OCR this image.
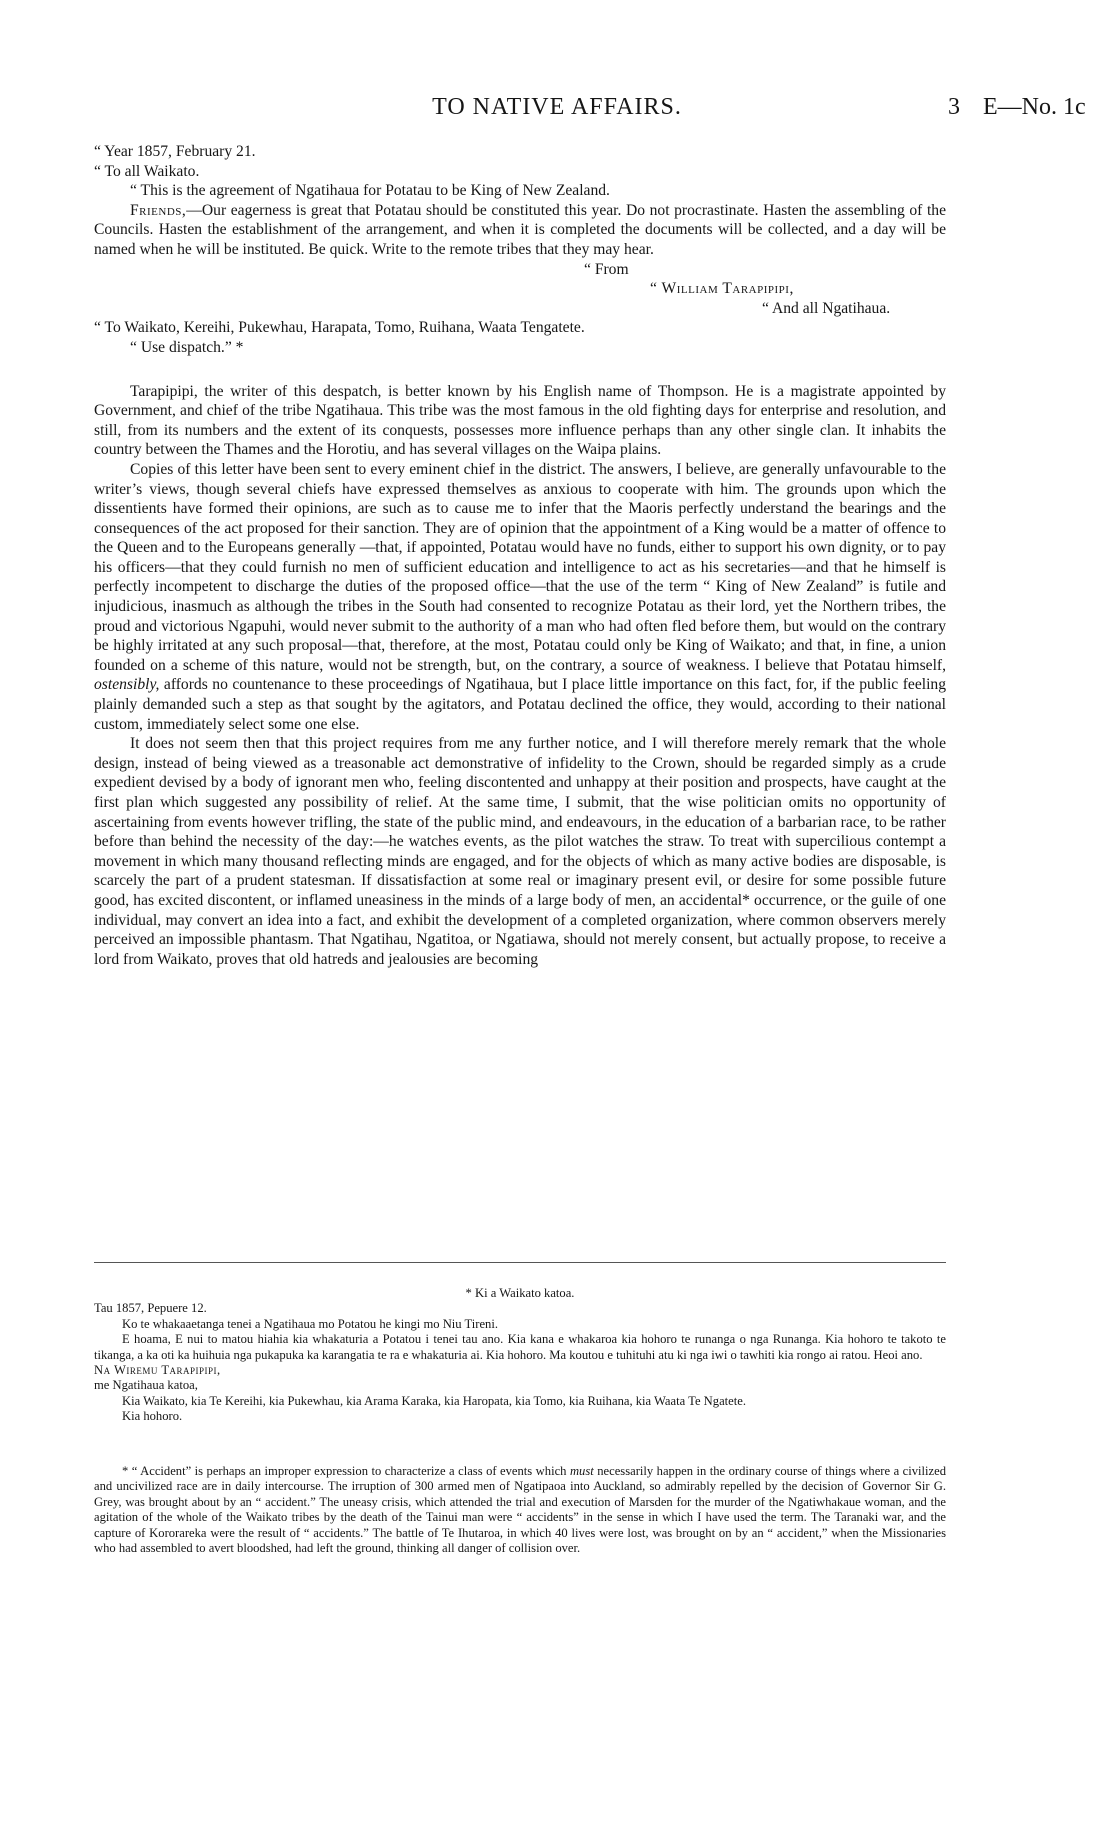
TO NATIVE AFFAIRS.	3 E—No. 1c

“ Year 1857, February 21.

“ To all Waikato.

“ This is the agreement of Ngatihaua for Potatau to be King of New Zealand.

Friends,—Our eagerness is great that Potatau should be constituted this year. Do not procrastinate. Hasten the assembling of the Councils. Hasten the establishment of the arrangement, and when it is completed the documents will be collected, and a day will be named when he will be instituted. Be quick. Write to the remote tribes that they may hear.

“ From

“ William Tarapipipi,

“ And all Ngatihaua.

“ To Waikato, Kereihi, Pukewhau, Harapata, Tomo, Ruihana, Waata Tengatete.

“ Use dispatch.” *

Tarapipipi, the writer of this despatch, is better known by his English name of Thompson. He is a magistrate appointed by Government, and chief of the tribe Ngatihaua. This tribe was the most famous in the old fighting days for enterprise and resolution, and still, from its numbers and the extent of its conquests, possesses more influence perhaps than any other single clan. It inhabits the country between the Thames and the Horotiu, and has several villages on the Waipa plains.

Copies of this letter have been sent to every eminent chief in the district. The answers, I believe, are generally unfavourable to the writer’s views, though several chiefs have expressed themselves as anxious to cooperate with him. The grounds upon which the dissentients have formed their opinions, are such as to cause me to infer that the Maoris perfectly understand the bearings and the consequences of the act proposed for their sanction. They are of opinion that the appointment of a King would be a matter of offence to the Queen and to the Europeans generally —that, if appointed, Potatau would have no funds, either to support his own dignity, or to pay his officers—that they could furnish no men of sufficient education and intelligence to act as his secretaries—and that he himself is perfectly incompetent to discharge the duties of the proposed office—that the use of the term “ King of New Zealand” is futile and injudicious, inasmuch as although the tribes in the South had consented to recognize Potatau as their lord, yet the Northern tribes, the proud and victorious Ngapuhi, would never submit to the authority of a man who had often fled before them, but would on the contrary be highly irritated at any such proposal—that, therefore, at the most, Potatau could only be King of Waikato; and that, in fine, a union founded on a scheme of this nature, would not be strength, but, on the contrary, a source of weakness. I believe that Potatau himself, ostensibly, affords no countenance to these proceedings of Ngatihaua, but I place little importance on this fact, for, if the public feeling plainly demanded such a step as that sought by the agitators, and Potatau declined the office, they would, according to their national custom, immediately select some one else.

It does not seem then that this project requires from me any further notice, and I will therefore merely remark that the whole design, instead of being viewed as a treasonable act demonstrative of infidelity to the Crown, should be regarded simply as a crude expedient devised by a body of ignorant men who, feeling discontented and unhappy at their position and prospects, have caught at the first plan which suggested any possibility of relief. At the same time, I submit, that the wise politician omits no opportunity of ascertaining from events however trifling, the state of the public mind, and endeavours, in the education of a barbarian race, to be rather before than behind the necessity of the day:—he watches events, as the pilot watches the straw. To treat with supercilious contempt a movement in which many thousand reflecting minds are engaged, and for the objects of which as many active bodies are disposable, is scarcely the part of a prudent statesman. If dissatisfaction at some real or imaginary present evil, or desire for some possible future good, has excited discontent, or inflamed uneasiness in the minds of a large body of men, an accidental* occurrence, or the guile of one individual, may convert an idea into a fact, and exhibit the development of a completed organization, where common observers merely perceived an impossible phantasm. That Ngatihau, Ngatitoa, or Ngatiawa, should not merely consent, but actually propose, to receive a lord from Waikato, proves that old hatreds and jealousies are becoming

* Ki a Waikato katoa.

Tau 1857, Pepuere 12.

Ko te whakaaetanga tenei a Ngatihaua mo Potatou he kingi mo Niu Tireni.

E hoama, E nui to matou hiahia kia whakaturia a Potatou i tenei tau ano. Kia kana e whakaroa kia hohoro te runanga o nga Runanga. Kia hohoro te takoto te tikanga, a ka oti ka huihuia nga pukapuka ka karangatia te ra e whakaturia ai. Kia hohoro. Ma koutou e tuhituhi atu ki nga iwi o tawhiti kia rongo ai ratou. Heoi ano.

Na Wiremu Tarapipipi,

me Ngatihaua katoa,

Kia Waikato, kia Te Kereihi, kia Pukewhau, kia Arama Karaka, kia Haropata, kia Tomo, kia Ruihana, kia Waata Te Ngatete.

Kia hohoro.

* “ Accident” is perhaps an improper expression to characterize a class of events which must necessarily happen in the ordinary course of things where a civilized and uncivilized race are in daily intercourse. The irruption of 300 armed men of Ngatipaoa into Auckland, so admirably repelled by the decision of Governor Sir G. Grey, was brought about by an “ accident.” The uneasy crisis, which attended the trial and execution of Marsden for the murder of the Ngatiwhakaue woman, and the agitation of the whole of the Waikato tribes by the death of the Tainui man were “ accidents” in the sense in which I have used the term. The Taranaki war, and the capture of Kororareka were the result of “ accidents.” The battle of Te Ihutaroa, in which 40 lives were lost, was brought on by an “ accident,” when the Missionaries who had assembled to avert bloodshed, had left the ground, thinking all danger of collision over.
